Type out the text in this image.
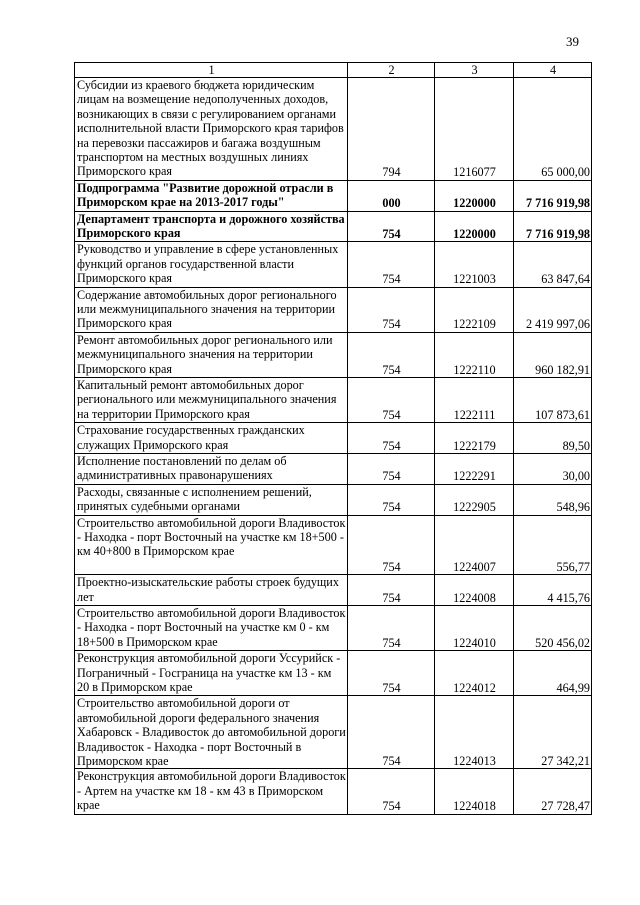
39
1	2	3	4
Субсидии из краевого бюджета юридическим лицам на возмещение недополученных доходов, возникающих в связи с регулированием органами исполнительной власти Приморского края тарифов на перевозки пассажиров и багажа воздушным транспортом на местных воздушных линиях Приморского края	794	1216077	65 000,00
Подпрограмма "Развитие дорожной отрасли в Приморском крае на 2013-2017 годы"	000	1220000	7 716 919,98
Департамент транспорта и дорожного хозяйства Приморского края	754	1220000	7 716 919,98
Руководство и управление в сфере установленных функций органов государственной власти Приморского края	754	1221003	63 847,64
Содержание автомобильных дорог регионального или межмуниципального значения на территории Приморского края	754	1222109	2 419 997,06
Ремонт автомобильных дорог регионального или межмуниципального значения на территории Приморского края	754	1222110	960 182,91
Капитальный ремонт автомобильных дорог регионального или межмуниципального значения на территории Приморского края	754	1222111	107 873,61
Страхование государственных гражданских служащих Приморского края	754	1222179	89,50
Исполнение постановлений по делам об административных правонарушениях	754	1222291	30,00
Расходы, связанные с исполнением решений, принятых судебными органами	754	1222905	548,96
Строительство автомобильной дороги Владивосток - Находка - порт Восточный на участке км 18+500 - км 40+800 в Приморском крае	754	1224007	556,77
Проектно-изыскательские работы строек будущих лет	754	1224008	4 415,76
Строительство автомобильной дороги Владивосток - Находка - порт Восточный на участке км 0 - км 18+500 в Приморском крае	754	1224010	520 456,02
Реконструкция автомобильной дороги Уссурийск - Пограничный - Госграница на участке км 13 - км 20 в Приморском крае	754	1224012	464,99
Строительство автомобильной дороги от автомобильной дороги федерального значения Хабаровск - Владивосток до автомобильной дороги Владивосток - Находка - порт Восточный в Приморском крае	754	1224013	27 342,21
Реконструкция автомобильной дороги Владивосток - Артем на участке км 18 - км 43 в Приморском крае	754	1224018	27 728,47
